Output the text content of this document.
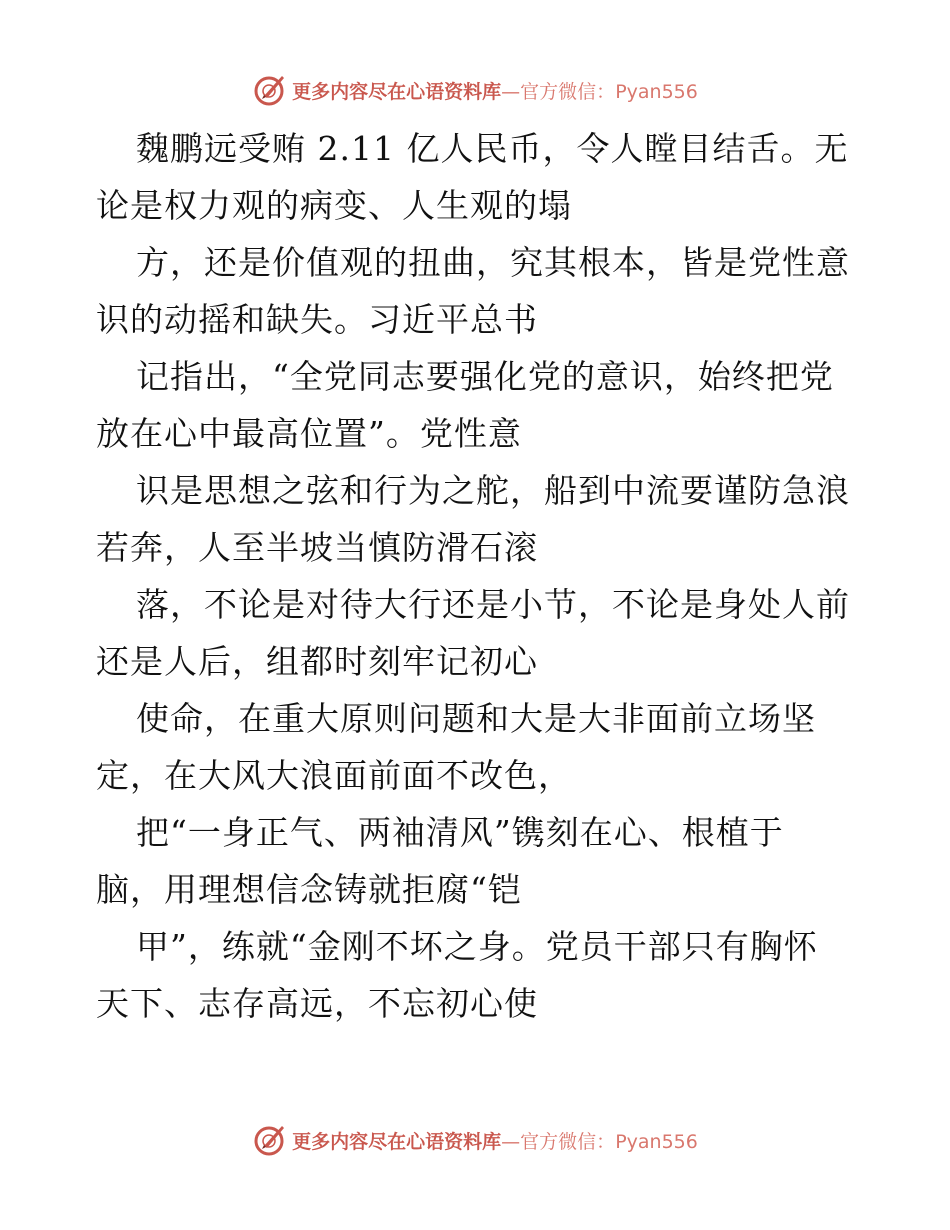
更多内容尽在心语资料库—官方微信：Pyan556
魏鹏远受贿 2.11 亿人民币，令人瞠目结舌。无
论是权力观的病变、人生观的塌
方，还是价值观的扭曲，究其根本，皆是党性意
识的动摇和缺失。习近平总书
记指出，“全党同志要强化党的意识，始终把党
放在心中最高位置”。党性意
识是思想之弦和行为之舵，船到中流要谨防急浪
若奔，人至半坡当慎防滑石滚
落，不论是对待大行还是小节，不论是身处人前
还是人后，组都时刻牢记初心
使命，在重大原则问题和大是大非面前立场坚
定，在大风大浪面前面不改色，
把“一身正气、两袖清风”镌刻在心、根植于
脑，用理想信念铸就拒腐“铠
甲”，练就“金刚不坏之身。党员干部只有胸怀
天下、志存高远，不忘初心使
更多内容尽在心语资料库—官方微信：Pyan556
